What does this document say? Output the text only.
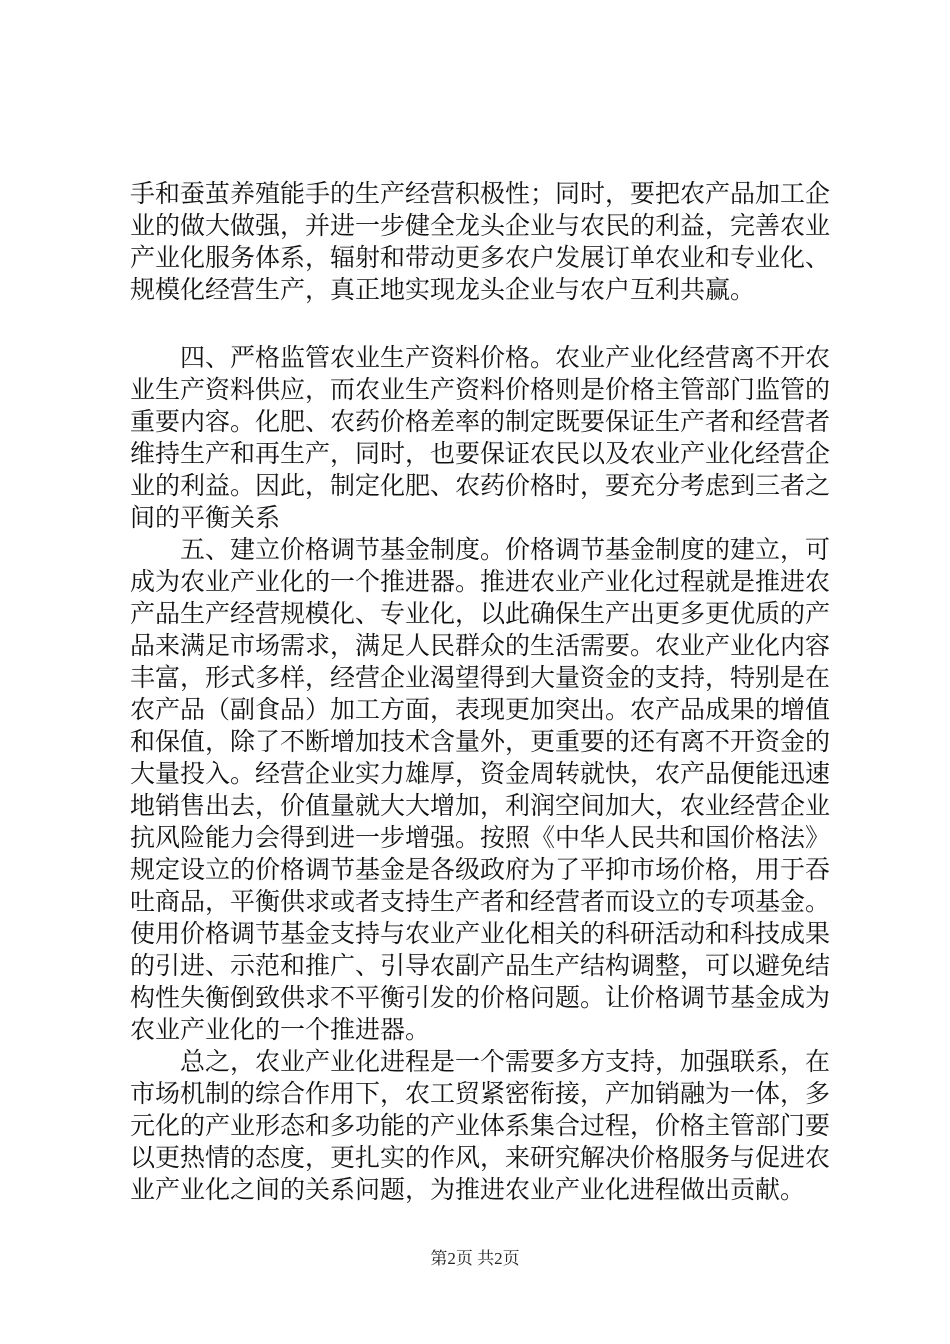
手和蚕茧养殖能手的生产经营积极性；同时，要把农产品加工企业的做大做强，并进一步健全龙头企业与农民的利益，完善农业产业化服务体系，辐射和带动更多农户发展订单农业和专业化、规模化经营生产，真正地实现龙头企业与农户互利共赢。

四、严格监管农业生产资料价格。农业产业化经营离不开农业生产资料供应，而农业生产资料价格则是价格主管部门监管的重要内容。化肥、农药价格差率的制定既要保证生产者和经营者维持生产和再生产，同时，也要保证农民以及农业产业化经营企业的利益。因此，制定化肥、农药价格时，要充分考虑到三者之间的平衡关系

五、建立价格调节基金制度。价格调节基金制度的建立，可成为农业产业化的一个推进器。推进农业产业化过程就是推进农产品生产经营规模化、专业化，以此确保生产出更多更优质的产品来满足市场需求，满足人民群众的生活需要。农业产业化内容丰富，形式多样，经营企业渴望得到大量资金的支持，特别是在农产品（副食品）加工方面，表现更加突出。农产品成果的增值和保值，除了不断增加技术含量外，更重要的还有离不开资金的大量投入。经营企业实力雄厚，资金周转就快，农产品便能迅速地销售出去，价值量就大大增加，利润空间加大，农业经营企业抗风险能力会得到进一步增强。按照《中华人民共和国价格法》规定设立的价格调节基金是各级政府为了平抑市场价格，用于吞吐商品，平衡供求或者支持生产者和经营者而设立的专项基金。使用价格调节基金支持与农业产业化相关的科研活动和科技成果的引进、示范和推广、引导农副产品生产结构调整，可以避免结构性失衡倒致供求不平衡引发的价格问题。让价格调节基金成为农业产业化的一个推进器。

总之，农业产业化进程是一个需要多方支持，加强联系，在市场机制的综合作用下，农工贸紧密衔接，产加销融为一体，多元化的产业形态和多功能的产业体系集合过程，价格主管部门要以更热情的态度，更扎实的作风，来研究解决价格服务与促进农业产业化之间的关系问题，为推进农业产业化进程做出贡献。

第2页 共2页
